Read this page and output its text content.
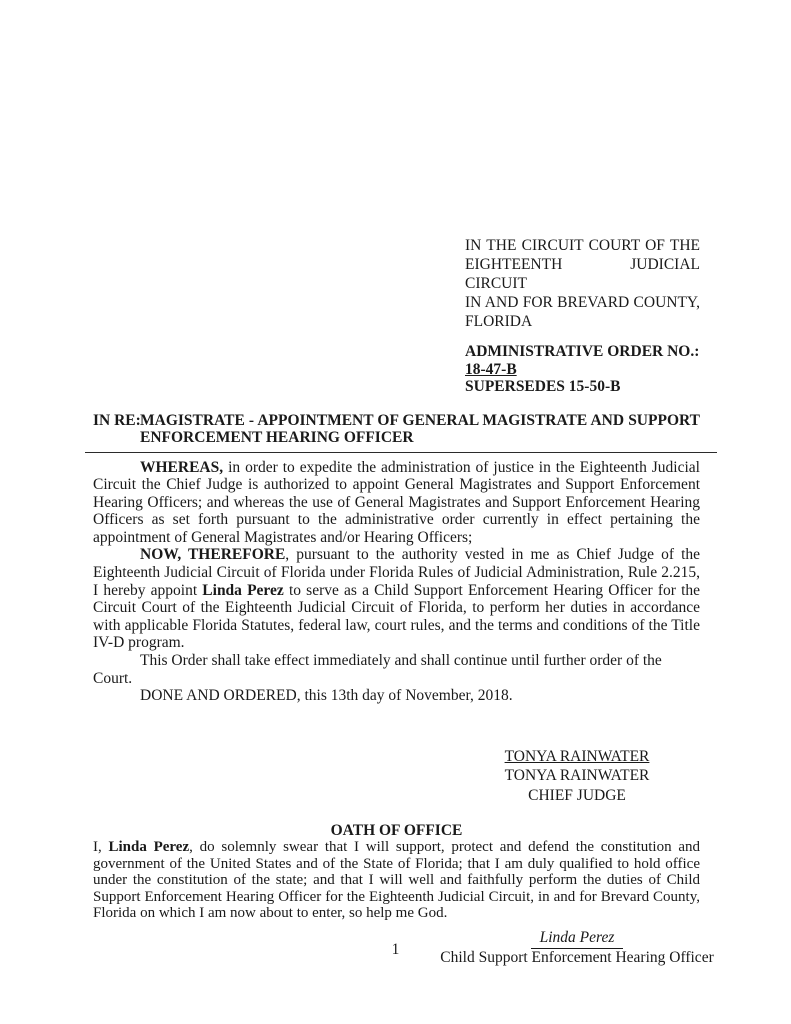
IN THE CIRCUIT COURT OF THE
EIGHTEENTH JUDICIAL CIRCUIT
IN AND FOR BREVARD COUNTY,
FLORIDA
ADMINISTRATIVE ORDER NO.:
18-47-B
SUPERSEDES 15-50-B
IN RE: MAGISTRATE - APPOINTMENT OF GENERAL MAGISTRATE AND SUPPORT ENFORCEMENT HEARING OFFICER

WHEREAS, in order to expedite the administration of justice in the Eighteenth Judicial Circuit the Chief Judge is authorized to appoint General Magistrates and Support Enforcement Hearing Officers; and whereas the use of General Magistrates and Support Enforcement Hearing Officers as set forth pursuant to the administrative order currently in effect pertaining the appointment of General Magistrates and/or Hearing Officers;

NOW, THEREFORE, pursuant to the authority vested in me as Chief Judge of the Eighteenth Judicial Circuit of Florida under Florida Rules of Judicial Administration, Rule 2.215, I hereby appoint Linda Perez to serve as a Child Support Enforcement Hearing Officer for the Circuit Court of the Eighteenth Judicial Circuit of Florida, to perform her duties in accordance with applicable Florida Statutes, federal law, court rules, and the terms and conditions of the Title IV-D program.

This Order shall take effect immediately and shall continue until further order of the Court.

DONE AND ORDERED, this 13th day of November, 2018.

TONYA RAINWATER
TONYA RAINWATER
CHIEF JUDGE
OATH OF OFFICE

I, Linda Perez, do solemnly swear that I will support, protect and defend the constitution and government of the United States and of the State of Florida; that I am duly qualified to hold office under the constitution of the state; and that I will well and faithfully perform the duties of Child Support Enforcement Hearing Officer for the Eighteenth Judicial Circuit, in and for Brevard County, Florida on which I am now about to enter, so help me God.

Linda Perez
Child Support Enforcement Hearing Officer
1
